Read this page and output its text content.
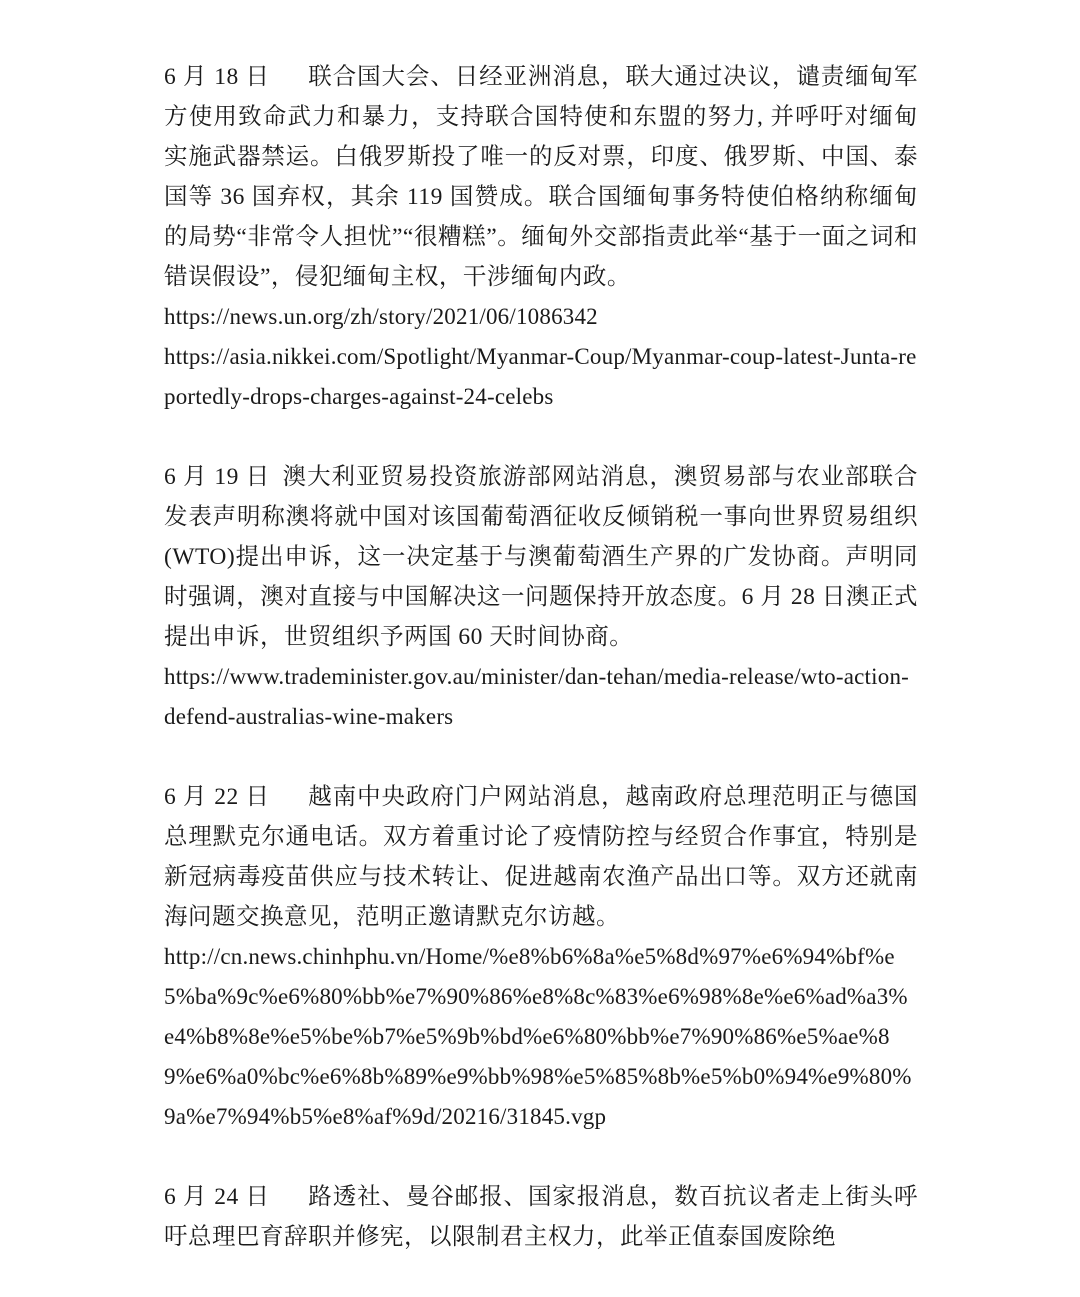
6 月 18 日 联合国大会、日经亚洲消息，联大通过决议，谴责缅甸军方使用致命武力和暴力，支持联合国特使和东盟的努力, 并呼吁对缅甸实施武器禁运。白俄罗斯投了唯一的反对票，印度、俄罗斯、中国、泰国等 36 国弃权，其余 119 国赞成。联合国缅甸事务特使伯格纳称缅甸的局势“非常令人担忧”“很糟糕”。缅甸外交部指责此举“基于一面之词和错误假设”，侵犯缅甸主权，干涉缅甸内政。

https://news.un.org/zh/story/2021/06/1086342
https://asia.nikkei.com/Spotlight/Myanmar-Coup/Myanmar-coup-latest-Junta-reportedly-drops-charges-against-24-celebs

6 月 19 日 澳大利亚贸易投资旅游部网站消息，澳贸易部与农业部联合发表声明称澳将就中国对该国葡萄酒征收反倾销税一事向世界贸易组织(WTO)提出申诉，这一决定基于与澳葡萄酒生产界的广发协商。声明同时强调，澳对直接与中国解决这一问题保持开放态度。6 月 28 日澳正式提出申诉，世贸组织予两国 60 天时间协商。

https://www.trademinister.gov.au/minister/dan-tehan/media-release/wto-action-defend-australias-wine-makers

6 月 22 日 越南中央政府门户网站消息，越南政府总理范明正与德国总理默克尔通电话。双方着重讨论了疫情防控与经贸合作事宜，特别是新冠病毒疫苗供应与技术转让、促进越南农渔产品出口等。双方还就南海问题交换意见，范明正邀请默克尔访越。

http://cn.news.chinhphu.vn/Home/%e8%b6%8a%e5%8d%97%e6%94%bf%e5%ba%9c%e6%80%bb%e7%90%86%e8%8c%83%e6%98%8e%e6%ad%a3%e4%b8%8e%e5%be%b7%e5%9b%bd%e6%80%bb%e7%90%86%e5%ae%89%e6%a0%bc%e6%8b%89%e9%bb%98%e5%85%8b%e5%b0%94%e9%80%9a%e7%94%b5%e8%af%9d/20216/31845.vgp

6 月 24 日 路透社、曼谷邮报、国家报消息，数百抗议者走上街头呼吁总理巴育辞职并修宪，以限制君主权力，此举正值泰国废除绝
